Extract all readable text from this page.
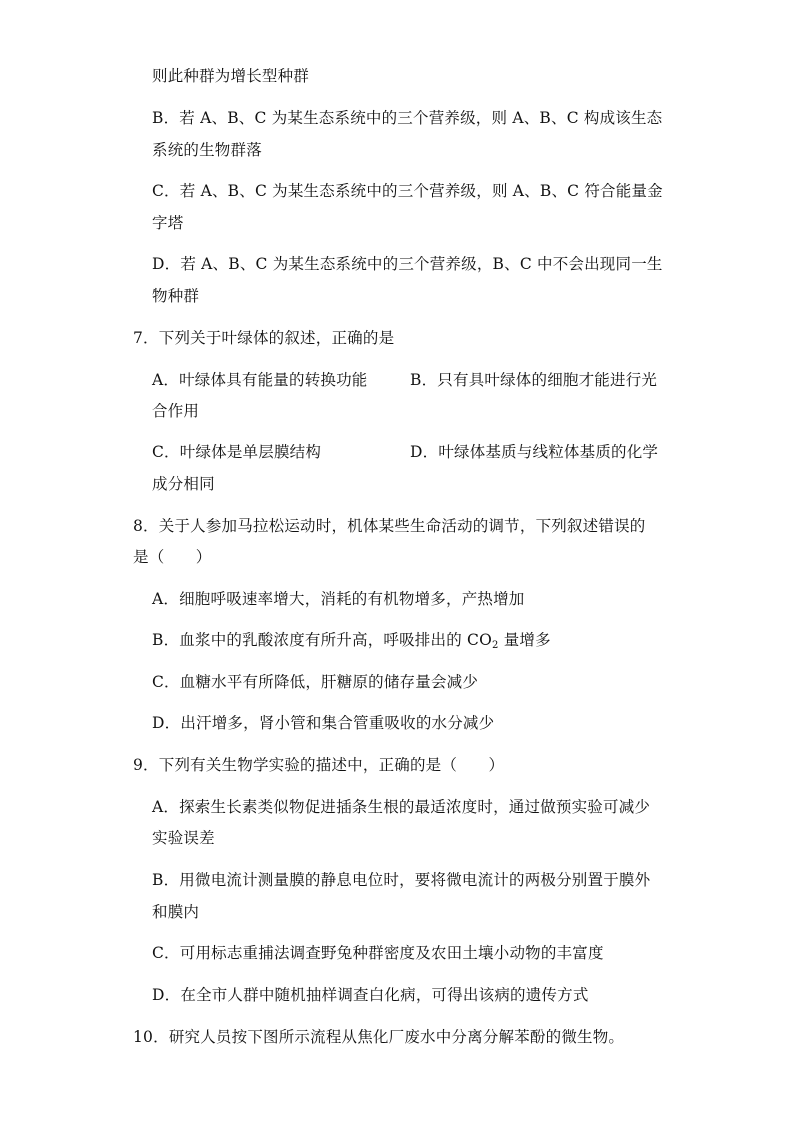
则此种群为增长型种群
B．若 A、B、C 为某生态系统中的三个营养级，则 A、B、C 构成该生态
系统的生物群落
C．若 A、B、C 为某生态系统中的三个营养级，则 A、B、C 符合能量金
字塔
D．若 A、B、C 为某生态系统中的三个营养级，B、C 中不会出现同一生
物种群
7．下列关于叶绿体的叙述，正确的是
A．叶绿体具有能量的转换功能	B．只有具叶绿体的细胞才能进行光
合作用
C．叶绿体是单层膜结构	D．叶绿体基质与线粒体基质的化学
成分相同
8．关于人参加马拉松运动时，机体某些生命活动的调节，下列叙述错误的
是（　　）
A．细胞呼吸速率增大，消耗的有机物增多，产热增加
B．血浆中的乳酸浓度有所升高，呼吸排出的 $CO_2$ 量增多
C．血糖水平有所降低，肝糖原的储存量会减少
D．出汗增多，肾小管和集合管重吸收的水分减少
9．下列有关生物学实验的描述中，正确的是（　　）
A．探索生长素类似物促进插条生根的最适浓度时，通过做预实验可减少
实验误差
B．用微电流计测量膜的静息电位时，要将微电流计的两极分别置于膜外
和膜内
C．可用标志重捕法调查野兔种群密度及农田土壤小动物的丰富度
D．在全市人群中随机抽样调查白化病，可得出该病的遗传方式
10．研究人员按下图所示流程从焦化厂废水中分离分解苯酚的微生物。
